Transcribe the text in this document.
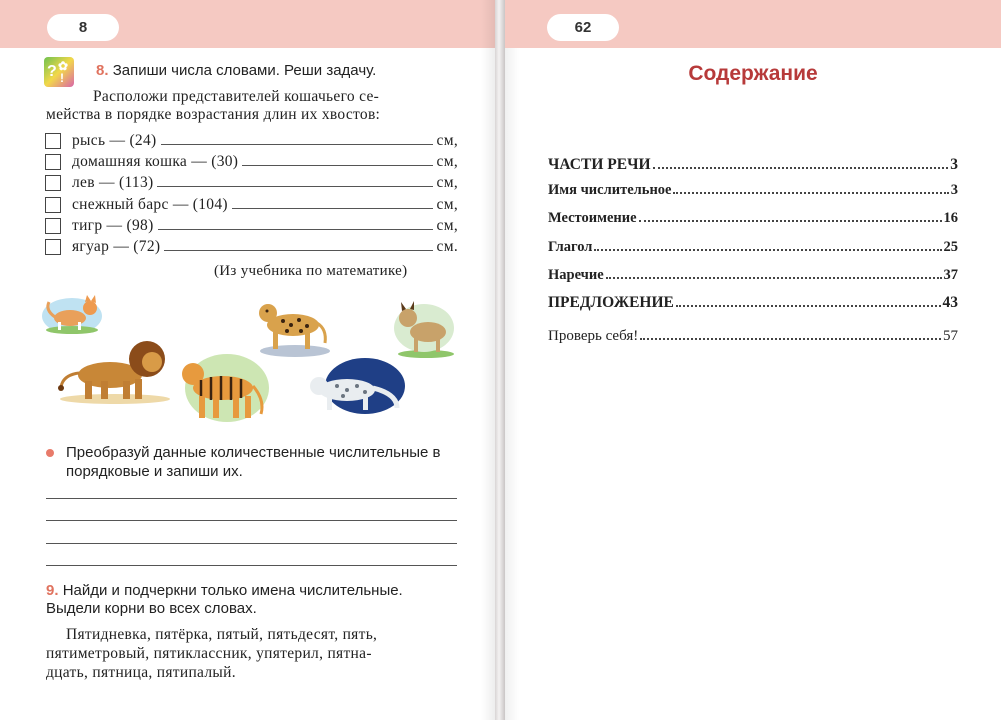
8
? ✿
! 8. Запиши числа словами. Реши задачу.
Расположи представителей кошачьего се-
мейства в порядке возрастания длин их хвостов:
рысь — (24)	см,
домашняя кошка — (30)	см,
лев — (113)	см,
снежный барс — (104)	см,
тигр — (98)	см,
ягуар — (72)	см.
(Из учебника по математике)
Преобразуй данные количественные числительные в
порядковые и запиши их.
9. Найди и подчеркни только имена числительные.
Выдели корни во всех словах.
Пятидневка, пятёрка, пятый, пятьдесят, пять,
пятиметровый, пятиклассник, упятерил, пятна-
дцать, пятница, пятипалый.
62
Содержание
ЧАСТИ РЕЧИ	3
Имя числительное	3
Местоимение	16
Глагол	25
Наречие	37
ПРЕДЛОЖЕНИЕ	43
Проверь себя!	57
